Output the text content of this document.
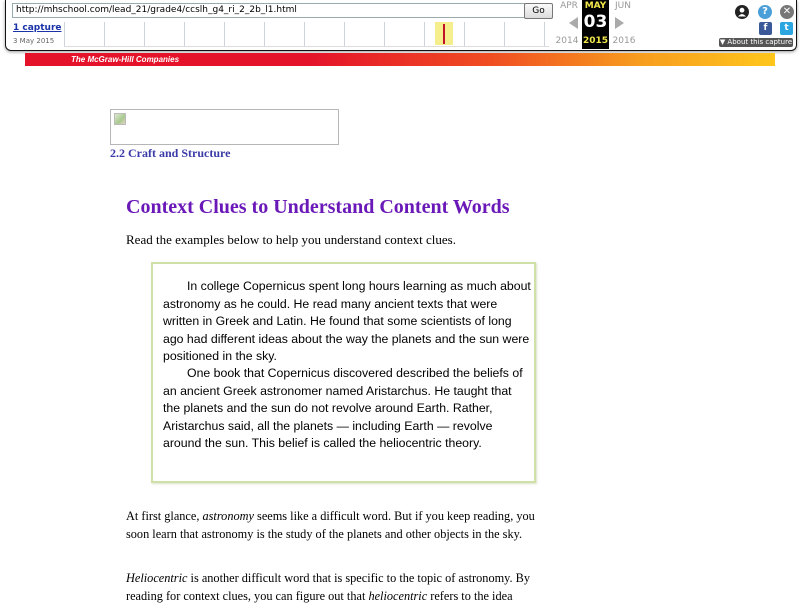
http://mhschool.com/lead_21/grade4/ccslh_g4_ri_2_2b_l1.html	Go
1 capture
3 May 2015
APR	JUN
2014	2016
MAY
03
2015
?	✕
f	t
▼ About this capture
The McGraw-Hill Companies
2.2 Craft and Structure
Context Clues to Understand Content Words

Read the examples below to help you understand context clues.

In college Copernicus spent long hours learning as much about astronomy as he could. He read many ancient texts that were written in Greek and Latin. He found that some scientists of long ago had different ideas about the way the planets and the sun were positioned in the sky.

One book that Copernicus discovered described the beliefs of an ancient Greek astronomer named Aristarchus. He taught that the planets and the sun do not revolve around Earth. Rather, Aristarchus said, all the planets — including Earth — revolve around the sun. This belief is called the heliocentric theory.

At first glance, astronomy seems like a difficult word. But if you keep reading, you soon learn that astronomy is the study of the planets and other objects in the sky.

Heliocentric is another difficult word that is specific to the topic of astronomy. By reading for context clues, you can figure out that heliocentric refers to the idea
